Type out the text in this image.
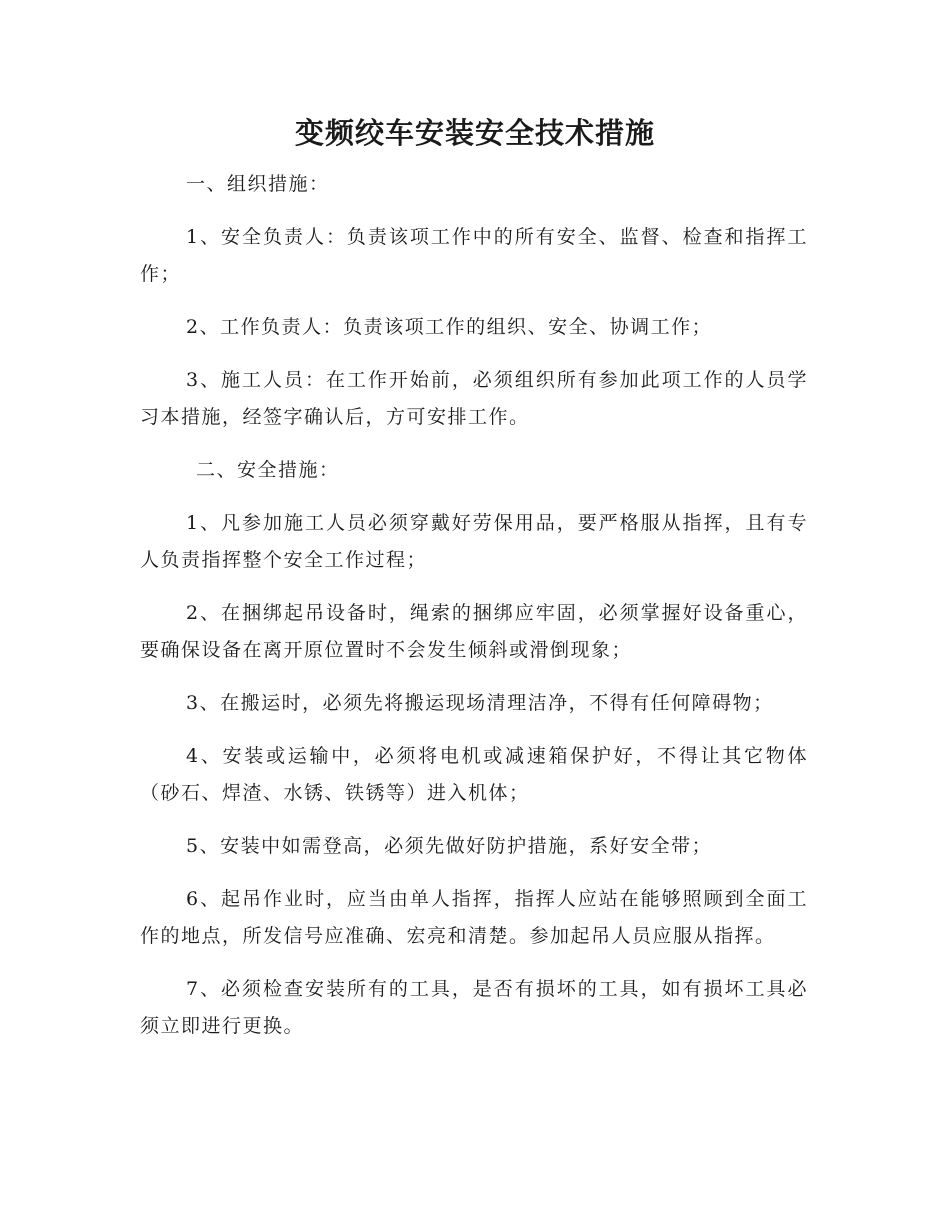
变频绞车安装安全技术措施

一、组织措施：

1、安全负责人：负责该项工作中的所有安全、监督、检查和指挥工作；

2、工作负责人：负责该项工作的组织、安全、协调工作；

3、施工人员：在工作开始前，必须组织所有参加此项工作的人员学习本措施，经签字确认后，方可安排工作。

二、安全措施：

1、凡参加施工人员必须穿戴好劳保用品，要严格服从指挥，且有专人负责指挥整个安全工作过程；

2、在捆绑起吊设备时，绳索的捆绑应牢固，必须掌握好设备重心，要确保设备在离开原位置时不会发生倾斜或滑倒现象；

3、在搬运时，必须先将搬运现场清理洁净，不得有任何障碍物；

4、安装或运输中，必须将电机或减速箱保护好，不得让其它物体（砂石、焊渣、水锈、铁锈等）进入机体；

5、安装中如需登高，必须先做好防护措施，系好安全带；

6、起吊作业时，应当由单人指挥，指挥人应站在能够照顾到全面工作的地点，所发信号应准确、宏亮和清楚。参加起吊人员应服从指挥。

7、必须检查安装所有的工具，是否有损坏的工具，如有损坏工具必须立即进行更换。
